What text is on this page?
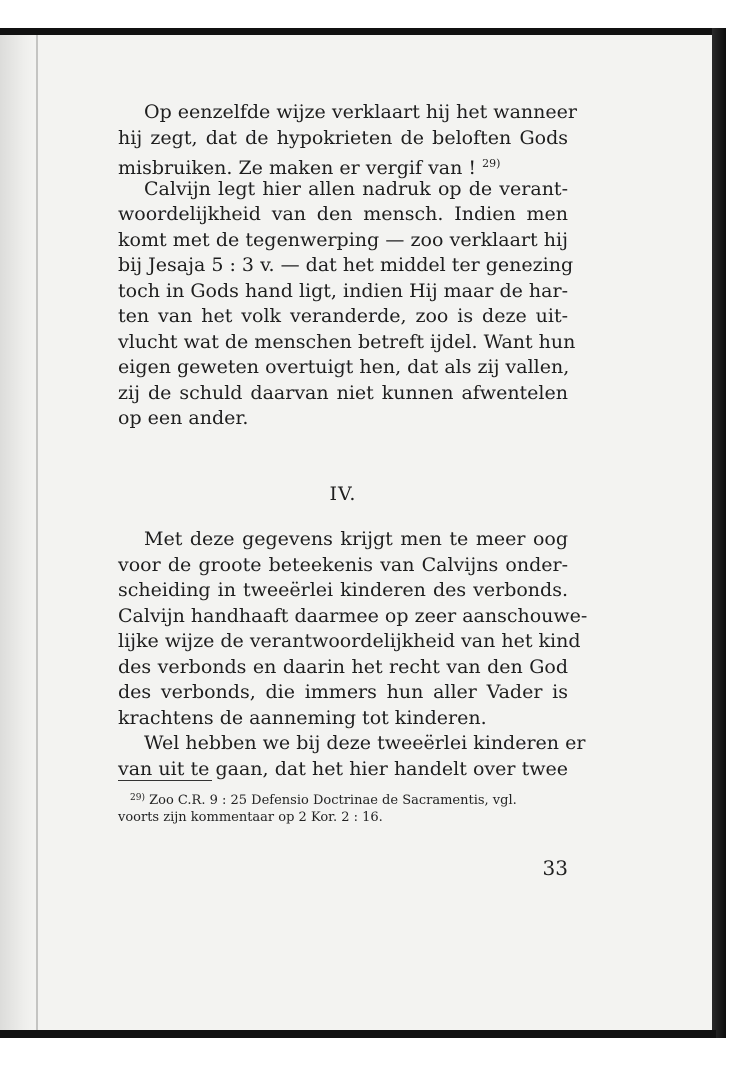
Op eenzelfde wijze verklaart hij het wanneer
hij zegt, dat de hypokrieten de beloften Gods
misbruiken. Ze maken er vergif van ! $^{29)}$
Calvijn legt hier allen nadruk op de verant-
woordelijkheid van den mensch. Indien men
komt met de tegenwerping — zoo verklaart hij
bij Jesaja 5 : 3 v. — dat het middel ter genezing
toch in Gods hand ligt, indien Hij maar de har-
ten van het volk veranderde, zoo is deze uit-
vlucht wat de menschen betreft ijdel. Want hun
eigen geweten overtuigt hen, dat als zij vallen,
zij de schuld daarvan niet kunnen afwentelen
op een ander.
IV.
Met deze gegevens krijgt men te meer oog
voor de groote beteekenis van Calvijns onder-
scheiding in tweeërlei kinderen des verbonds.
Calvijn handhaaft daarmee op zeer aanschouwe-
lijke wijze de verantwoordelijkheid van het kind
des verbonds en daarin het recht van den God
des verbonds, die immers hun aller Vader is
krachtens de aanneming tot kinderen.
Wel hebben we bij deze tweeërlei kinderen er
van uit te gaan, dat het hier handelt over twee
$^{29)}$ Zoo C.R. 9 : 25 Defensio Doctrinae de Sacramentis, vgl.
voorts zijn kommentaar op 2 Kor. 2 : 16.
33
